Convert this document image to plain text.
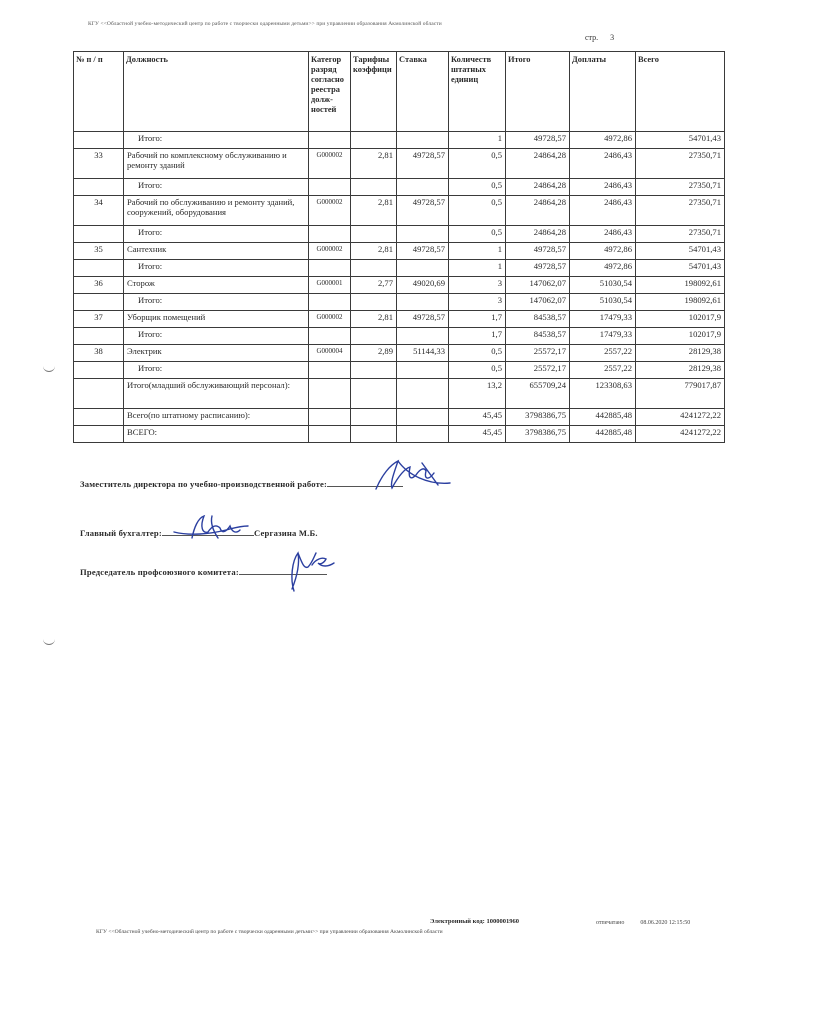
КГУ <<Областной учебно-методический центр по работе с творчески одаренными детьми>> при управлении образования Акмолинской области
стр. 3
№ п / п	Должность	Категор разряд согласно реестра долж-ностей	Тарифны коэффици	Ставка	Количеств штатных единиц	Итого	Доплаты	Всего
	Итого:				1	49728,57	4972,86	54701,43
33	Рабочий по комплексному обслуживанию и ремонту зданий	G000002	2,81	49728,57	0,5	24864,28	2486,43	27350,71
	Итого:				0,5	24864,28	2486,43	27350,71
34	Рабочий по обслуживанию и ремонту зданий, сооружений, оборудования	G000002	2,81	49728,57	0,5	24864,28	2486,43	27350,71
	Итого:				0,5	24864,28	2486,43	27350,71
35	Сантехник	G000002	2,81	49728,57	1	49728,57	4972,86	54701,43
	Итого:				1	49728,57	4972,86	54701,43
36	Сторож	G000001	2,77	49020,69	3	147062,07	51030,54	198092,61
	Итого:				3	147062,07	51030,54	198092,61
37	Уборщик помещений	G000002	2,81	49728,57	1,7	84538,57	17479,33	102017,9
	Итого:				1,7	84538,57	17479,33	102017,9
38	Электрик	G000004	2,89	51144,33	0,5	25572,17	2557,22	28129,38
	Итого:				0,5	25572,17	2557,22	28129,38
	Итого(младший обслуживающий персонал):				13,2	655709,24	123308,63	779017,87
	Всего(по штатному расписанию):				45,45	3798386,75	442885,48	4241272,22
	ВСЕГО:				45,45	3798386,75	442885,48	4241272,22
Заместитель директора по учебно-производственной работе:
Главный бухгалтер:	Сергазина М.Б.
Председатель профсоюзного комитета:
Электронный код: 1000001960	отпечатано	08.06.2020 12:15:50
КГУ <<Областной учебно-методический центр по работе с творчески одаренными детьми>> при управлении образования Акмолинской области
